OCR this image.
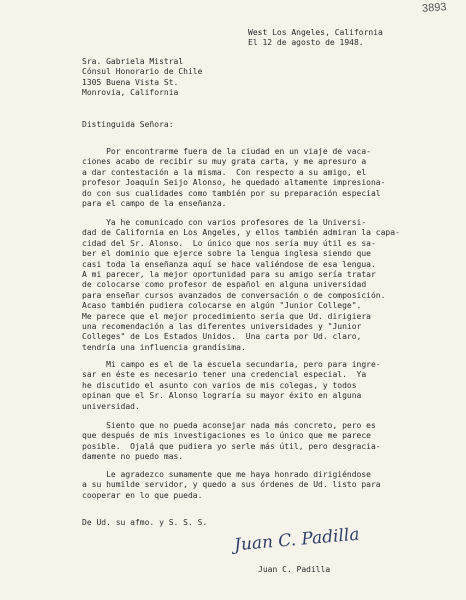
3893

West Los Angeles, California

El 12 de agosto de 1948.

Sra. Gabriela Mistral

Cónsul Honorario de Chile

1305 Buena Vista St.

Monrovia, California

Distinguida Señora:

Por encontrarme fuera de la ciudad en un viaje de vaca-
ciones acabo de recibir su muy grata carta, y me apresuro a
a dar contestación a la misma.  Con respecto a su amigo, el
profesor Joaquín Seijo Alonso, he quedado altamente impresiona-
do con sus cualidades como también por su preparación especial
para el campo de la enseñanza.
Ya he comunicado con varios profesores de la Universi-
dad de California en Los Angeles, y ellos también admiran la capa-
cidad del Sr. Alonso.  Lo único que nos sería muy útil es sa-
ber el dominio que ejerce sobre la lengua inglesa siendo que
casi toda la enseñanza aquí se hace valiéndose de esa lengua.
A mi parecer, la mejor oportunidad para su amigo sería tratar
de colocarse como profesor de español en alguna universidad
para enseñar cursos avanzados de conversación o de composición.
Acaso también pudiera colocarse en algún "Junior College".
Me parece que el mejor procedimiento sería que Ud. dirigiera
una recomendación a las diferentes universidades y "Junior
Colleges" de Los Estados Unidos.  Una carta por Ud. claro,
tendría una influencia grandísima.
Mi campo es el de la escuela secundaria, pero para ingre-
sar en éste es necesario tener una credencial especial.  Ya
he discutido el asunto con varios de mis colegas, y todos
opinan que el Sr. Alonso lograría su mayor éxito en alguna
universidad.
Siento que no pueda aconsejar nada más concreto, pero es
que después de mis investigaciones es lo único que me parece
posible.  Ojalá que pudiera yo serle más útil, pero desgracia-
damente no puedo mas.
Le agradezco sumamente que me haya honrado dirigiéndose
a su humilde servidor, y quedo a sus órdenes de Ud. listo para
cooperar en lo que pueda.

De Ud. su afmo. y S. S. S.

Juan C. Padilla

Juan C. Padilla
